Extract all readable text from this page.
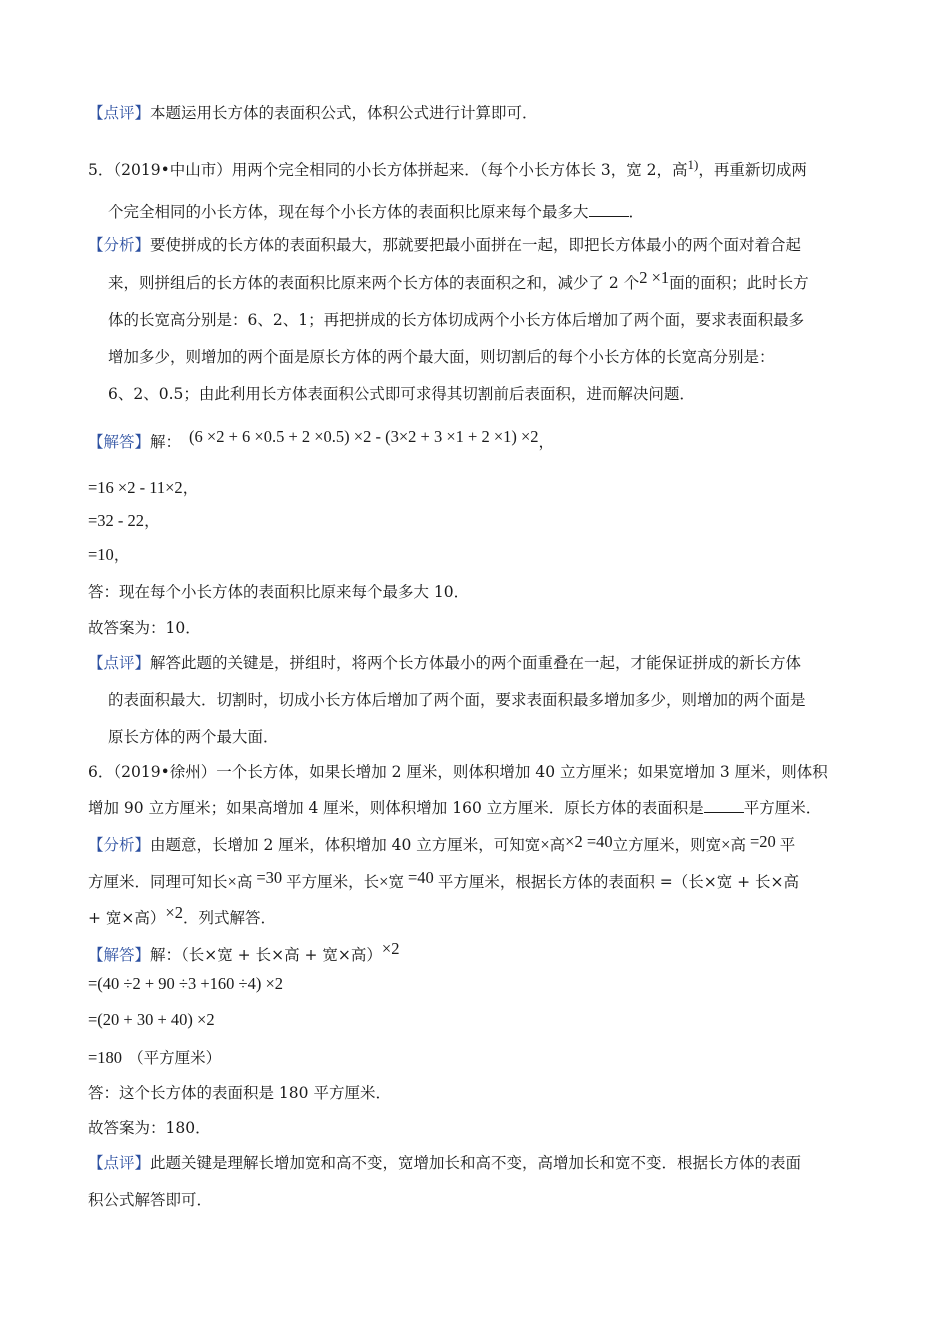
【点评】本题运用长方体的表面积公式，体积公式进行计算即可．
5．（2019•中山市）用两个完全相同的小长方体拼起来．（每个小长方体长 3，宽 2，高$^{1)}$，再重新切成两
个完全相同的小长方体，现在每个小长方体的表面积比原来每个最多大	．
【分析】要使拼成的长方体的表面积最大，那就要把最小面拼在一起，即把长方体最小的两个面对着合起
来，则拼组后的长方体的表面积比原来两个长方体的表面积之和，减少了 2 个2 ×1面的面积；此时长方
体的长宽高分别是：6、2、1；再把拼成的长方体切成两个小长方体后增加了两个面，要求表面积最多
增加多少，则增加的两个面是原长方体的两个最大面，则切割后的每个小长方体的长宽高分别是：
6、2、0.5；由此利用长方体表面积公式即可求得其切割前后表面积，进而解决问题．
【解答】解： (6 ×2 + 6 ×0.5 + 2 ×0.5) ×2 - (3×2 + 3 ×1 + 2 ×1) ×2，
=16 ×2 - 11×2，
=32 - 22，
=10，
答：现在每个小长方体的表面积比原来每个最多大 10．
故答案为：10．
【点评】解答此题的关键是，拼组时，将两个长方体最小的两个面重叠在一起，才能保证拼成的新长方体
的表面积最大．切割时，切成小长方体后增加了两个面，要求表面积最多增加多少，则增加的两个面是
原长方体的两个最大面．
6．（2019•徐州）一个长方体，如果长增加 2 厘米，则体积增加 40 立方厘米；如果宽增加 3 厘米，则体积
增加 90 立方厘米；如果高增加 4 厘米，则体积增加 160 立方厘米．原长方体的表面积是	平方厘米．
【分析】由题意，长增加 2 厘米，体积增加 40 立方厘米，可知宽×高×2 =40立方厘米，则宽×高 =20 平
方厘米．同理可知长×高 =30 平方厘米，长×宽 =40 平方厘米，根据长方体的表面积 =（长×宽 + 长×高
+ 宽×高）×2．列式解答．
【解答】解：（长×宽 + 长×高 + 宽×高）×2
=(40 ÷2 + 90 ÷3 +160 ÷4) ×2
=(20 + 30 + 40) ×2
=180 （平方厘米）
答：这个长方体的表面积是 180 平方厘米．
故答案为：180．
【点评】此题关键是理解长增加宽和高不变，宽增加长和高不变，高增加长和宽不变．根据长方体的表面
积公式解答即可．
